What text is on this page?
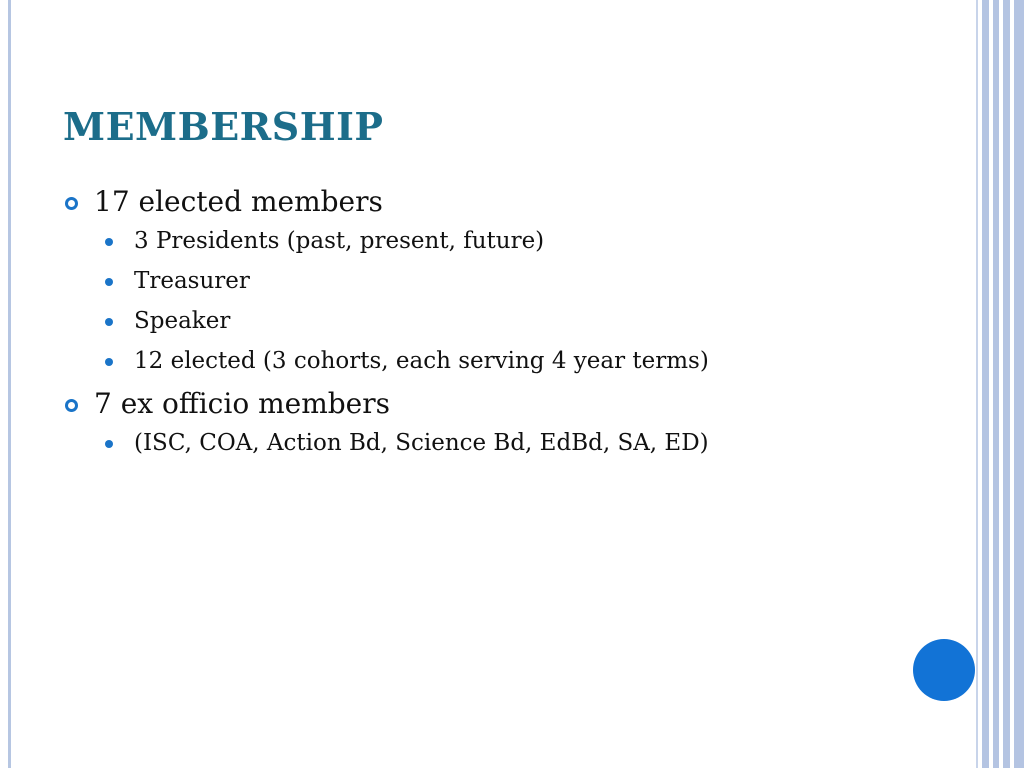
MEMBERSHIP
17 elected members
3 Presidents (past, present, future)
Treasurer
Speaker
12 elected (3 cohorts, each serving 4 year terms)
7 ex officio members
(ISC, COA, Action Bd, Science Bd, EdBd, SA, ED)
